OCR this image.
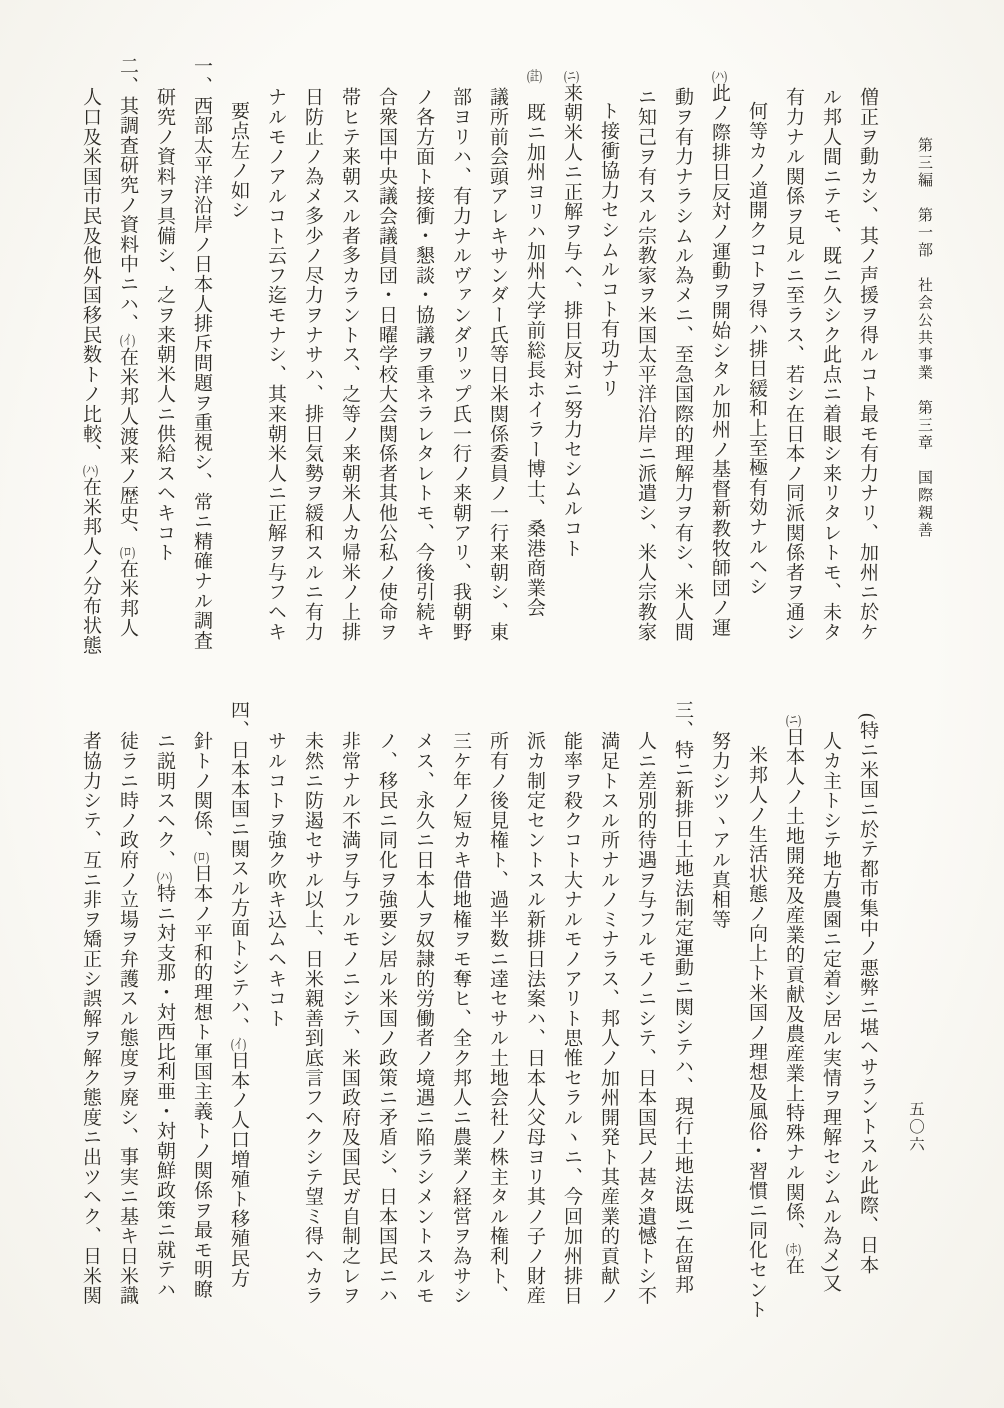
第三編　第一部　社会公共事業　第三章　国際親善
五〇六
僧正ヲ動カシ、其ノ声援ヲ得ルコト最モ有力ナリ、加州ニ於ケ
ル邦人間ニテモ、既ニ久シク此点ニ着眼シ来リタレトモ、未タ
有力ナル関係ヲ見ルニ至ラス、若シ在日本ノ同派関係者ヲ通シ
何等カノ道開クコトヲ得ハ排日緩和上至極有効ナルヘシ
(ハ)此ノ際排日反対ノ運動ヲ開始シタル加州ノ基督新教牧師団ノ運
動ヲ有力ナラシムル為メニ、至急国際的理解力ヲ有シ、米人間
ニ知己ヲ有スル宗教家ヲ米国太平洋沿岸ニ派遣シ、米人宗教家
ト接衝協力セシムルコト有功ナリ
(ニ)来朝米人ニ正解ヲ与ヘ、排日反対ニ努力セシムルコト
(註)　既ニ加州ヨリハ加州大学前総長ホイラー博士、桑港商業会
議所前会頭アレキサンダー氏等日米関係委員ノ一行来朝シ、東
部ヨリハ、有力ナルヴァンダリップ氏一行ノ来朝アリ、我朝野
ノ各方面ト接衝・懇談・協議ヲ重ネラレタレトモ、今後引続キ
合衆国中央議会議員団・日曜学校大会関係者其他公私ノ使命ヲ
帯ヒテ来朝スル者多カラントス、之等ノ来朝米人カ帰米ノ上排
日防止ノ為メ多少ノ尽力ヲナサハ、排日気勢ヲ緩和スルニ有力
ナルモノアルコト云フ迄モナシ、其来朝米人ニ正解ヲ与フヘキ
要点左ノ如シ
一、西部太平洋沿岸ノ日本人排斥問題ヲ重視シ、常ニ精確ナル調査
研究ノ資料ヲ具備シ、之ヲ来朝米人ニ供給スヘキコト
二、其調査研究ノ資料中ニハ、(イ)在米邦人渡来ノ歴史、(ロ)在米邦人
人口及米国市民及他外国移民数トノ比較、(ハ)在米邦人ノ分布状態
(特ニ米国ニ於テ都市集中ノ悪弊ニ堪ヘサラントスル此際、日本
人カ主トシテ地方農園ニ定着シ居ル実情ヲ理解セシムル為メ)又
(ニ)日本人ノ土地開発及産業的貢献及農産業上特殊ナル関係、(ホ)在
米邦人ノ生活状態ノ向上ト米国ノ理想及風俗・習慣ニ同化セント
努力シツヽアル真相等
三、特ニ新排日土地法制定運動ニ関シテハ、現行土地法既ニ在留邦
人ニ差別的待遇ヲ与フルモノニシテ、日本国民ノ甚タ遺憾トシ不
満足トスル所ナルノミナラス、邦人ノ加州開発ト其産業的貢献ノ
能率ヲ殺クコト大ナルモノアリト思惟セラルヽニ、今回加州排日
派カ制定セントスル新排日法案ハ、日本人父母ヨリ其ノ子ノ財産
所有ノ後見権ト、過半数ニ達セサル土地会社ノ株主タル権利ト、
三ケ年ノ短カキ借地権ヲモ奪ヒ、全ク邦人ニ農業ノ経営ヲ為サシ
メス、永久ニ日本人ヲ奴隷的労働者ノ境遇ニ陥ラシメントスルモ
ノ、移民ニ同化ヲ強要シ居ル米国ノ政策ニ矛盾シ、日本国民ニハ
非常ナル不満ヲ与フルモノニシテ、米国政府及国民ガ自制之レヲ
未然ニ防遏セサル以上、日米親善到底言フヘクシテ望ミ得ヘカラ
サルコトヲ強ク吹キ込ムヘキコト
四、日本本国ニ関スル方面トシテハ、(イ)日本ノ人口増殖ト移殖民方
針トノ関係、(ロ)日本ノ平和的理想ト軍国主義トノ関係ヲ最モ明瞭
ニ説明スヘク、(ハ)特ニ対支那・対西比利亜・対朝鮮政策ニ就テハ
徒ラニ時ノ政府ノ立場ヲ弁護スル態度ヲ廃シ、事実ニ基キ日米識
者協力シテ、互ニ非ヲ矯正シ誤解ヲ解ク態度ニ出ツヘク、日米関
